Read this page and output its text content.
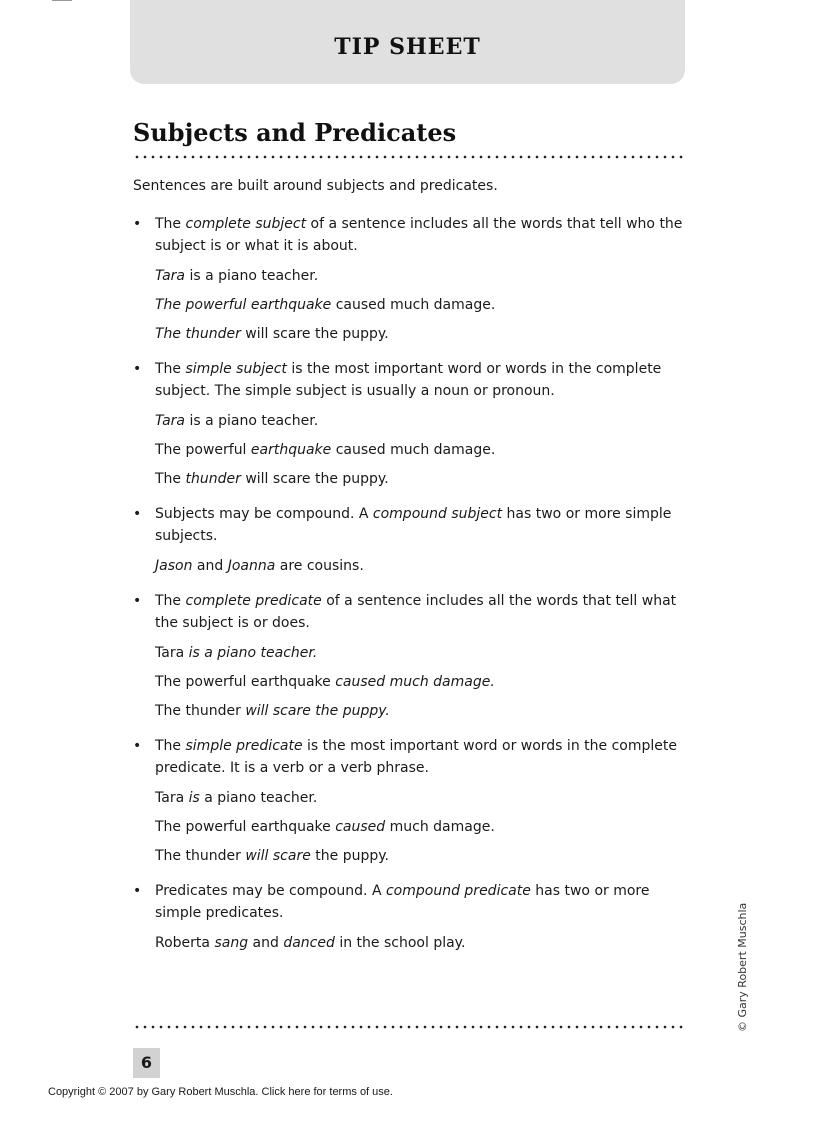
TIP SHEET
Subjects and Predicates

Sentences are built around subjects and predicates.

• The complete subject of a sentence includes all the words that tell who the subject is or what it is about.

Tara is a piano teacher.

The powerful earthquake caused much damage.

The thunder will scare the puppy.

• The simple subject is the most important word or words in the complete subject. The simple subject is usually a noun or pronoun.

Tara is a piano teacher.

The powerful earthquake caused much damage.

The thunder will scare the puppy.

• Subjects may be compound. A compound subject has two or more simple subjects.

Jason and Joanna are cousins.

• The complete predicate of a sentence includes all the words that tell what the subject is or does.

Tara is a piano teacher.

The powerful earthquake caused much damage.

The thunder will scare the puppy.

• The simple predicate is the most important word or words in the complete predicate. It is a verb or a verb phrase.

Tara is a piano teacher.

The powerful earthquake caused much damage.

The thunder will scare the puppy.

• Predicates may be compound. A compound predicate has two or more simple predicates.

Roberta sang and danced in the school play.	© Gary Robert Muschla
6
Copyright © 2007 by Gary Robert Muschla. Click here for terms of use.
